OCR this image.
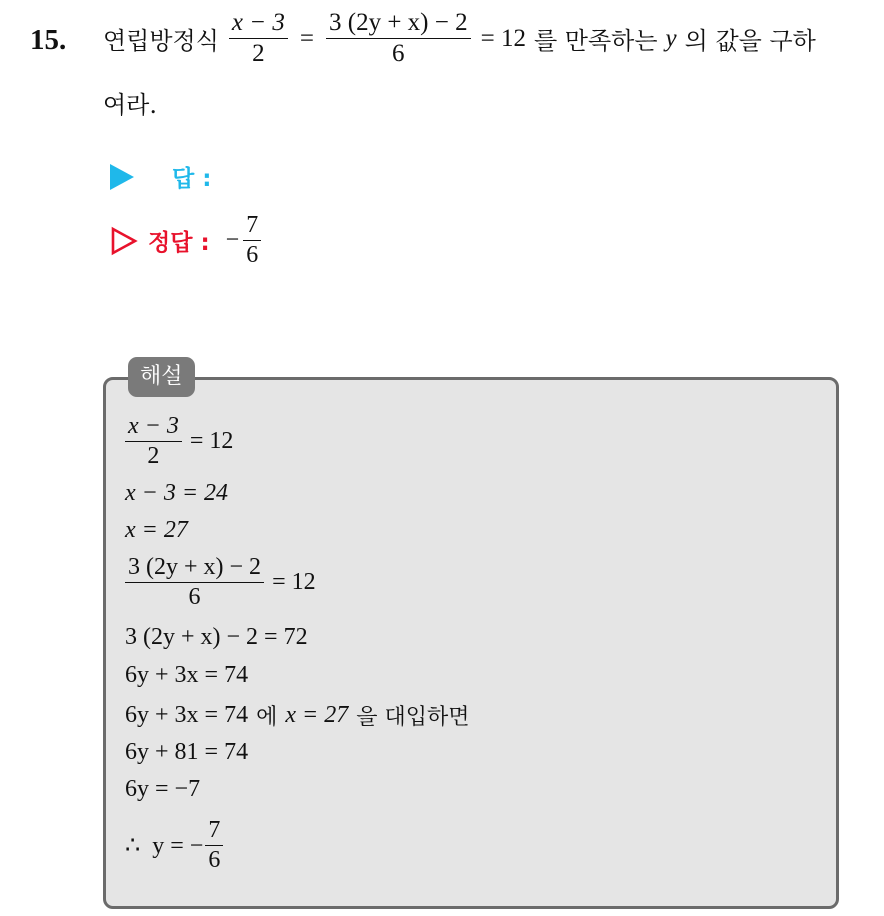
15. 연립방정식 $\frac{x - 3}{2} = \frac{3 (2y + x) - 2}{6} = 12$ 를 만족하는 y 의 값을 구하
여라.
답 :
정답 : − $\frac{7}{6}$
해설
$\frac{x - 3}{2} = 12$
x − 3 = 24
x = 27
$\frac{3 (2y + x) - 2}{6} = 12$
3 (2y + x) − 2 = 72
6y + 3x = 74
6y + 3x = 74 에 x = 27 을 대입하면
6y + 81 = 74
6y = −7
∴  y = − $\frac{7}{6}$
